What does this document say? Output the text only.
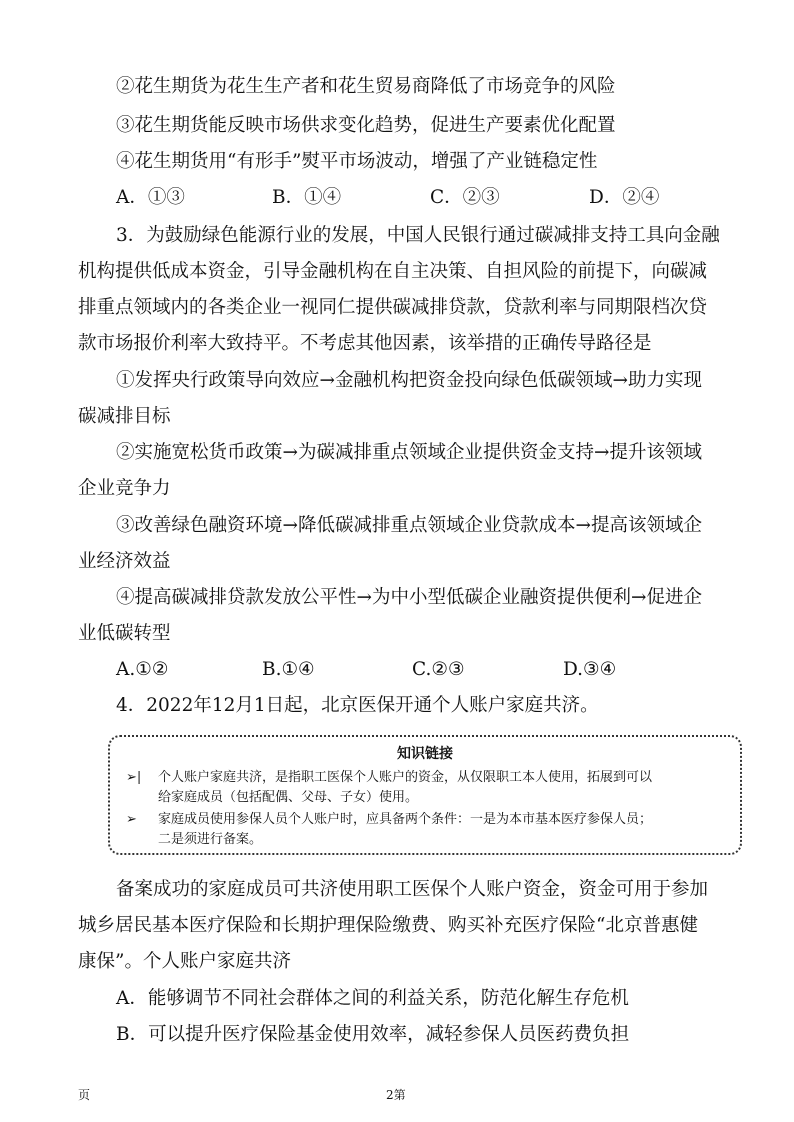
②花生期货为花生生产者和花生贸易商降低了市场竞争的风险
③花生期货能反映市场供求变化趋势，促进生产要素优化配置
④花生期货用“有形手”熨平市场波动，增强了产业链稳定性
A．①③	B．①④	C．②③	D．②④
3．为鼓励绿色能源行业的发展，中国人民银行通过碳减排支持工具向金融
机构提供低成本资金，引导金融机构在自主决策、自担风险的前提下，向碳减
排重点领域内的各类企业一视同仁提供碳减排贷款，贷款利率与同期限档次贷
款市场报价利率大致持平。不考虑其他因素，该举措的正确传导路径是
①发挥央行政策导向效应→金融机构把资金投向绿色低碳领域→助力实现
碳减排目标
②实施宽松货币政策→为碳减排重点领域企业提供资金支持→提升该领域
企业竞争力
③改善绿色融资环境→降低碳减排重点领域企业贷款成本→提高该领域企
业经济效益
④提高碳减排贷款发放公平性→为中小型低碳企业融资提供便利→促进企
业低碳转型
A.①②	B.①④	C.②③	D.③④
4．2022年12月1日起，北京医保开通个人账户家庭共济。
知识链接
➢| 个人账户家庭共济，是指职工医保个人账户的资金，从仅限职工本人使用，拓展到可以
给家庭成员（包括配偶、父母、子女）使用。
➢ 家庭成员使用参保人员个人账户时，应具备两个条件：一是为本市基本医疗参保人员；
二是须进行备案。
备案成功的家庭成员可共济使用职工医保个人账户资金，资金可用于参加
城乡居民基本医疗保险和长期护理保险缴费、购买补充医疗保险“北京普惠健
康保”。个人账户家庭共济
A．能够调节不同社会群体之间的利益关系，防范化解生存危机
B．可以提升医疗保险基金使用效率，减轻参保人员医药费负担
页	2第
